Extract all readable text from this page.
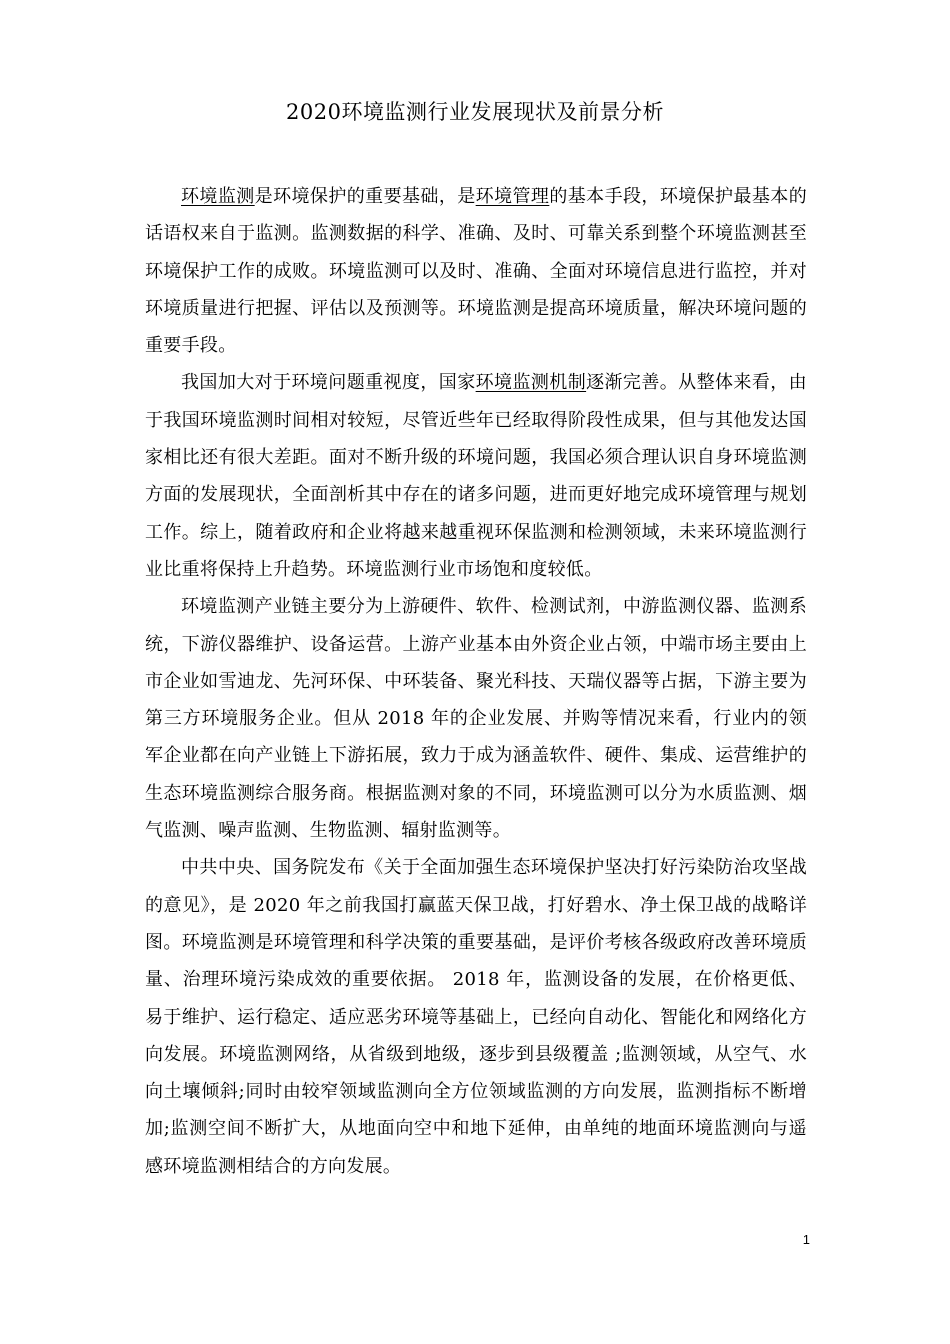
2020环境监测行业发展现状及前景分析

环境监测是环境保护的重要基础，是环境管理的基本手段，环境保护最基本的话语权来自于监测。监测数据的科学、准确、及时、可靠关系到整个环境监测甚至环境保护工作的成败。环境监测可以及时、准确、全面对环境信息进行监控，并对环境质量进行把握、评估以及预测等。环境监测是提高环境质量，解决环境问题的重要手段。

我国加大对于环境问题重视度，国家环境监测机制逐渐完善。从整体来看，由于我国环境监测时间相对较短，尽管近些年已经取得阶段性成果，但与其他发达国家相比还有很大差距。面对不断升级的环境问题，我国必须合理认识自身环境监测方面的发展现状，全面剖析其中存在的诸多问题，进而更好地完成环境管理与规划工作。综上，随着政府和企业将越来越重视环保监测和检测领域，未来环境监测行业比重将保持上升趋势。环境监测行业市场饱和度较低。

环境监测产业链主要分为上游硬件、软件、检测试剂，中游监测仪器、监测系统，下游仪器维护、设备运营。上游产业基本由外资企业占领，中端市场主要由上市企业如雪迪龙、先河环保、中环装备、聚光科技、天瑞仪器等占据，下游主要为第三方环境服务企业。但从 2018 年的企业发展、并购等情况来看，行业内的领军企业都在向产业链上下游拓展，致力于成为涵盖软件、硬件、集成、运营维护的生态环境监测综合服务商。根据监测对象的不同，环境监测可以分为水质监测、烟气监测、噪声监测、生物监测、辐射监测等。

中共中央、国务院发布《关于全面加强生态环境保护坚决打好污染防治攻坚战的意见》，是 2020 年之前我国打赢蓝天保卫战，打好碧水、净土保卫战的战略详图。环境监测是环境管理和科学决策的重要基础，是评价考核各级政府改善环境质量、治理环境污染成效的重要依据。 2018 年，监测设备的发展，在价格更低、易于维护、运行稳定、适应恶劣环境等基础上，已经向自动化、智能化和网络化方向发展。环境监测网络，从省级到地级，逐步到县级覆盖 ;监测领域，从空气、水向土壤倾斜;同时由较窄领域监测向全方位领域监测的方向发展，监测指标不断增加;监测空间不断扩大，从地面向空中和地下延伸，由单纯的地面环境监测向与遥感环境监测相结合的方向发展。

1
